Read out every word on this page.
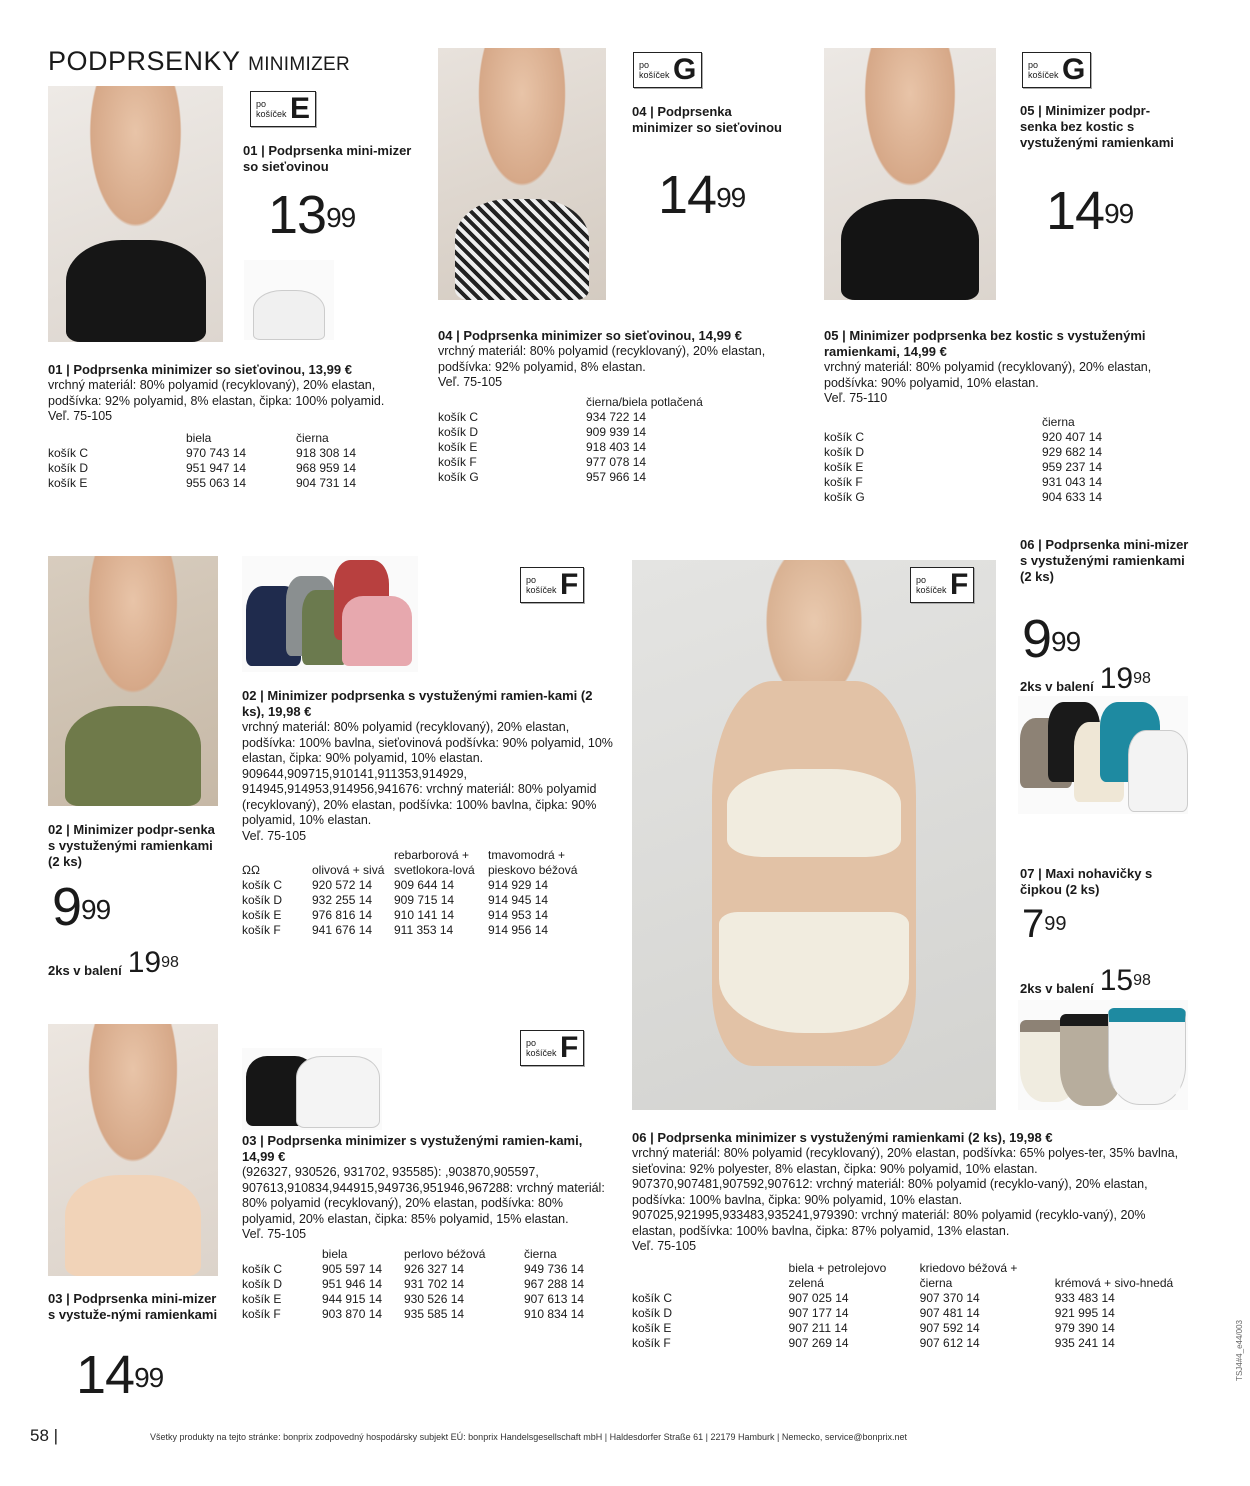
PODPRSENKY MINIMIZER
po košíček E
01 | Podprsenka mini-mizer so sieťovinou
$13^{99}$
01 | Podprsenka minimizer so sieťovinou, 13,99 €
vrchný materiál: 80% polyamid (recyklovaný), 20% elastan, podšívka: 92% polyamid, 8% elastan, čipka: 100% polyamid.
Veľ. 75-105
	biela	čierna
košík C	970 743 14	918 308 14
košík D	951 947 14	968 959 14
košík E	955 063 14	904 731 14
po košíček G
04 | Podprsenka minimizer so sieťovinou
$14^{99}$
04 | Podprsenka minimizer so sieťovinou, 14,99 €
vrchný materiál: 80% polyamid (recyklovaný), 20% elastan, podšívka: 92% polyamid, 8% elastan.
Veľ. 75-105
	čierna/biela potlačená
košík C	934 722 14
košík D	909 939 14
košík E	918 403 14
košík F	977 078 14
košík G	957 966 14
po košíček G
05 | Minimizer podpr-senka bez kostic s vystuženými ramienkami
$14^{99}$
05 | Minimizer podprsenka bez kostic s vystuženými ramienkami, 14,99 €
vrchný materiál: 80% polyamid (recyklovaný), 20% elastan, podšívka: 90% polyamid, 10% elastan.
Veľ. 75-110
	čierna
košík C	920 407 14
košík D	929 682 14
košík E	959 237 14
košík F	931 043 14
košík G	904 633 14
po košíček F
02 | Minimizer podpr-senka s vystuženými ramienkami (2 ks)
$9^{99}$
2ks v balení $19^{98}$
02 | Minimizer podprsenka s vystuženými ramien-kami (2 ks), 19,98 €
vrchný materiál: 80% polyamid (recyklovaný), 20% elastan, podšívka: 100% bavlna, sieťovinová podšívka: 90% polyamid, 10% elastan, čipka: 90% polyamid, 10% elastan. 909644,909715,910141,911353,914929, 914945,914953,914956,941676: vrchný materiál: 80% polyamid (recyklovaný), 20% elastan, podšívka: 100% bavlna, čipka: 90% polyamid, 10% elastan.
Veľ. 75-105
ΩΩ	olivová + sivá	rebarborová + svetlokora-lová	tmavomodrá + pieskovo béžová
košík C	920 572 14	909 644 14	914 929 14
košík D	932 255 14	909 715 14	914 945 14
košík E	976 816 14	910 141 14	914 953 14
košík F	941 676 14	911 353 14	914 956 14
po košíček F
06 | Podprsenka mini-mizer s vystuženými ramienkami (2 ks)
$9^{99}$
2ks v balení $19^{98}$
06 | Podprsenka minimizer s vystuženými ramienkami (2 ks), 19,98 €
vrchný materiál: 80% polyamid (recyklovaný), 20% elastan, podšívka: 65% polyes-ter, 35% bavlna, sieťovina: 92% polyester, 8% elastan, čipka: 90% polyamid, 10% elastan. 907370,907481,907592,907612: vrchný materiál: 80% polyamid (recyklo-vaný), 20% elastan, podšívka: 100% bavlna, čipka: 90% polyamid, 10% elastan. 907025,921995,933483,935241,979390: vrchný materiál: 80% polyamid (recyklo-vaný), 20% elastan, podšívka: 100% bavlna, čipka: 87% polyamid, 13% elastan.
Veľ. 75-105
	biela + petrolejovo zelená	kriedovo béžová + čierna	krémová + sivo-hnedá
košík C	907 025 14	907 370 14	933 483 14
košík D	907 177 14	907 481 14	921 995 14
košík E	907 211 14	907 592 14	979 390 14
košík F	907 269 14	907 612 14	935 241 14
07 | Maxi nohavičky s čipkou (2 ks)
$7^{99}$
2ks v balení $15^{98}$
po košíček F
03 | Podprsenka mini-mizer s vystuže-nými ramienkami
$14^{99}$
03 | Podprsenka minimizer s vystuženými ramien-kami, 14,99 €
(926327, 930526, 931702, 935585): ,903870,905597, 907613,910834,944915,949736,951946,967288: vrchný materiál: 80% polyamid (recyklovaný), 20% elastan, podšívka: 80% polyamid, 20% elastan, čipka: 85% polyamid, 15% elastan.
Veľ. 75-105
	biela	perlovo béžová	čierna
košík C	905 597 14	926 327 14	949 736 14
košík D	951 946 14	931 702 14	967 288 14
košík E	944 915 14	930 526 14	907 613 14
košík F	903 870 14	935 585 14	910 834 14
58 |	Všetky produkty na tejto stránke: bonprix zodpovedný hospodársky subjekt EÚ: bonprix Handelsgesellschaft mbH | Haldesdorfer Straße 61 | 22179 Hamburk | Nemecko, service@bonprix.net
TSJ4#4_e44/003
